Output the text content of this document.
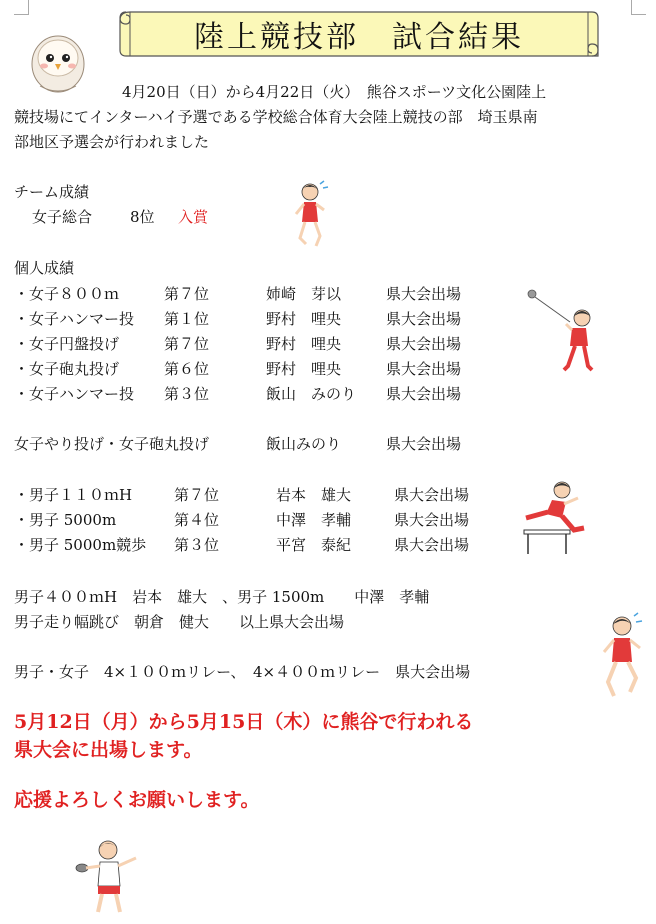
陸上競技部　試合結果

4月20日（日）から4月22日（火）　熊谷スポーツ文化公園陸上

競技場にてインターハイ予選である学校総合体育大会陸上競技の部　埼玉県南

部地区予選会が行われました

チーム成績
女子総合	8位 入賞
個人成績
・女子８００ｍ	第７位	姉崎　芽以	県大会出場
・女子ハンマー投 第１位	野村　哩央	県大会出場
・女子円盤投げ	第７位	野村　哩央	県大会出場
・女子砲丸投げ	第６位	野村　哩央	県大会出場
・女子ハンマー投 第３位	飯山　みのり 県大会出場
女子やり投げ・女子砲丸投げ	飯山みのり	県大会出場
・男子１１０ｍH	第７位	岩本　雄大	県大会出場
・男子 5000m	第４位	中澤　孝輔	県大会出場
・男子 5000m競歩 第３位	平宮　泰紀	県大会出場
男子４００ｍH　岩本　雄大　、男子 1500m　　中澤　孝輔
男子走り幅跳び　朝倉　健大　　以上県大会出場
男子・女子　4×１００ｍリレー、　4×４００ｍリレー　県大会出場
5月12日（月）から5月15日（木）に熊谷で行われる
県大会に出場します。
応援よろしくお願いします。
